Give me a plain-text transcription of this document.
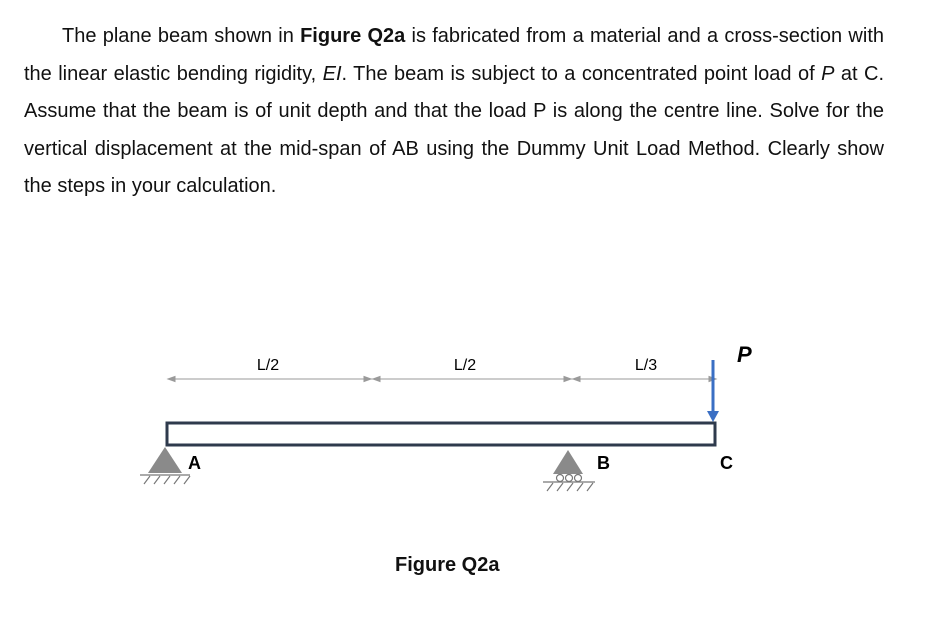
The plane beam shown in Figure Q2a is fabricated from a material and a cross-section with the linear elastic bending rigidity, EI. The beam is subject to a concentrated point load of P at C. Assume that the beam is of unit depth and that the load P is along the centre line. Solve for the vertical displacement at the mid-span of AB using the Dummy Unit Load Method. Clearly show the steps in your calculation.
L/2	L/2	L/3	P
A	B	C
Figure Q2a
